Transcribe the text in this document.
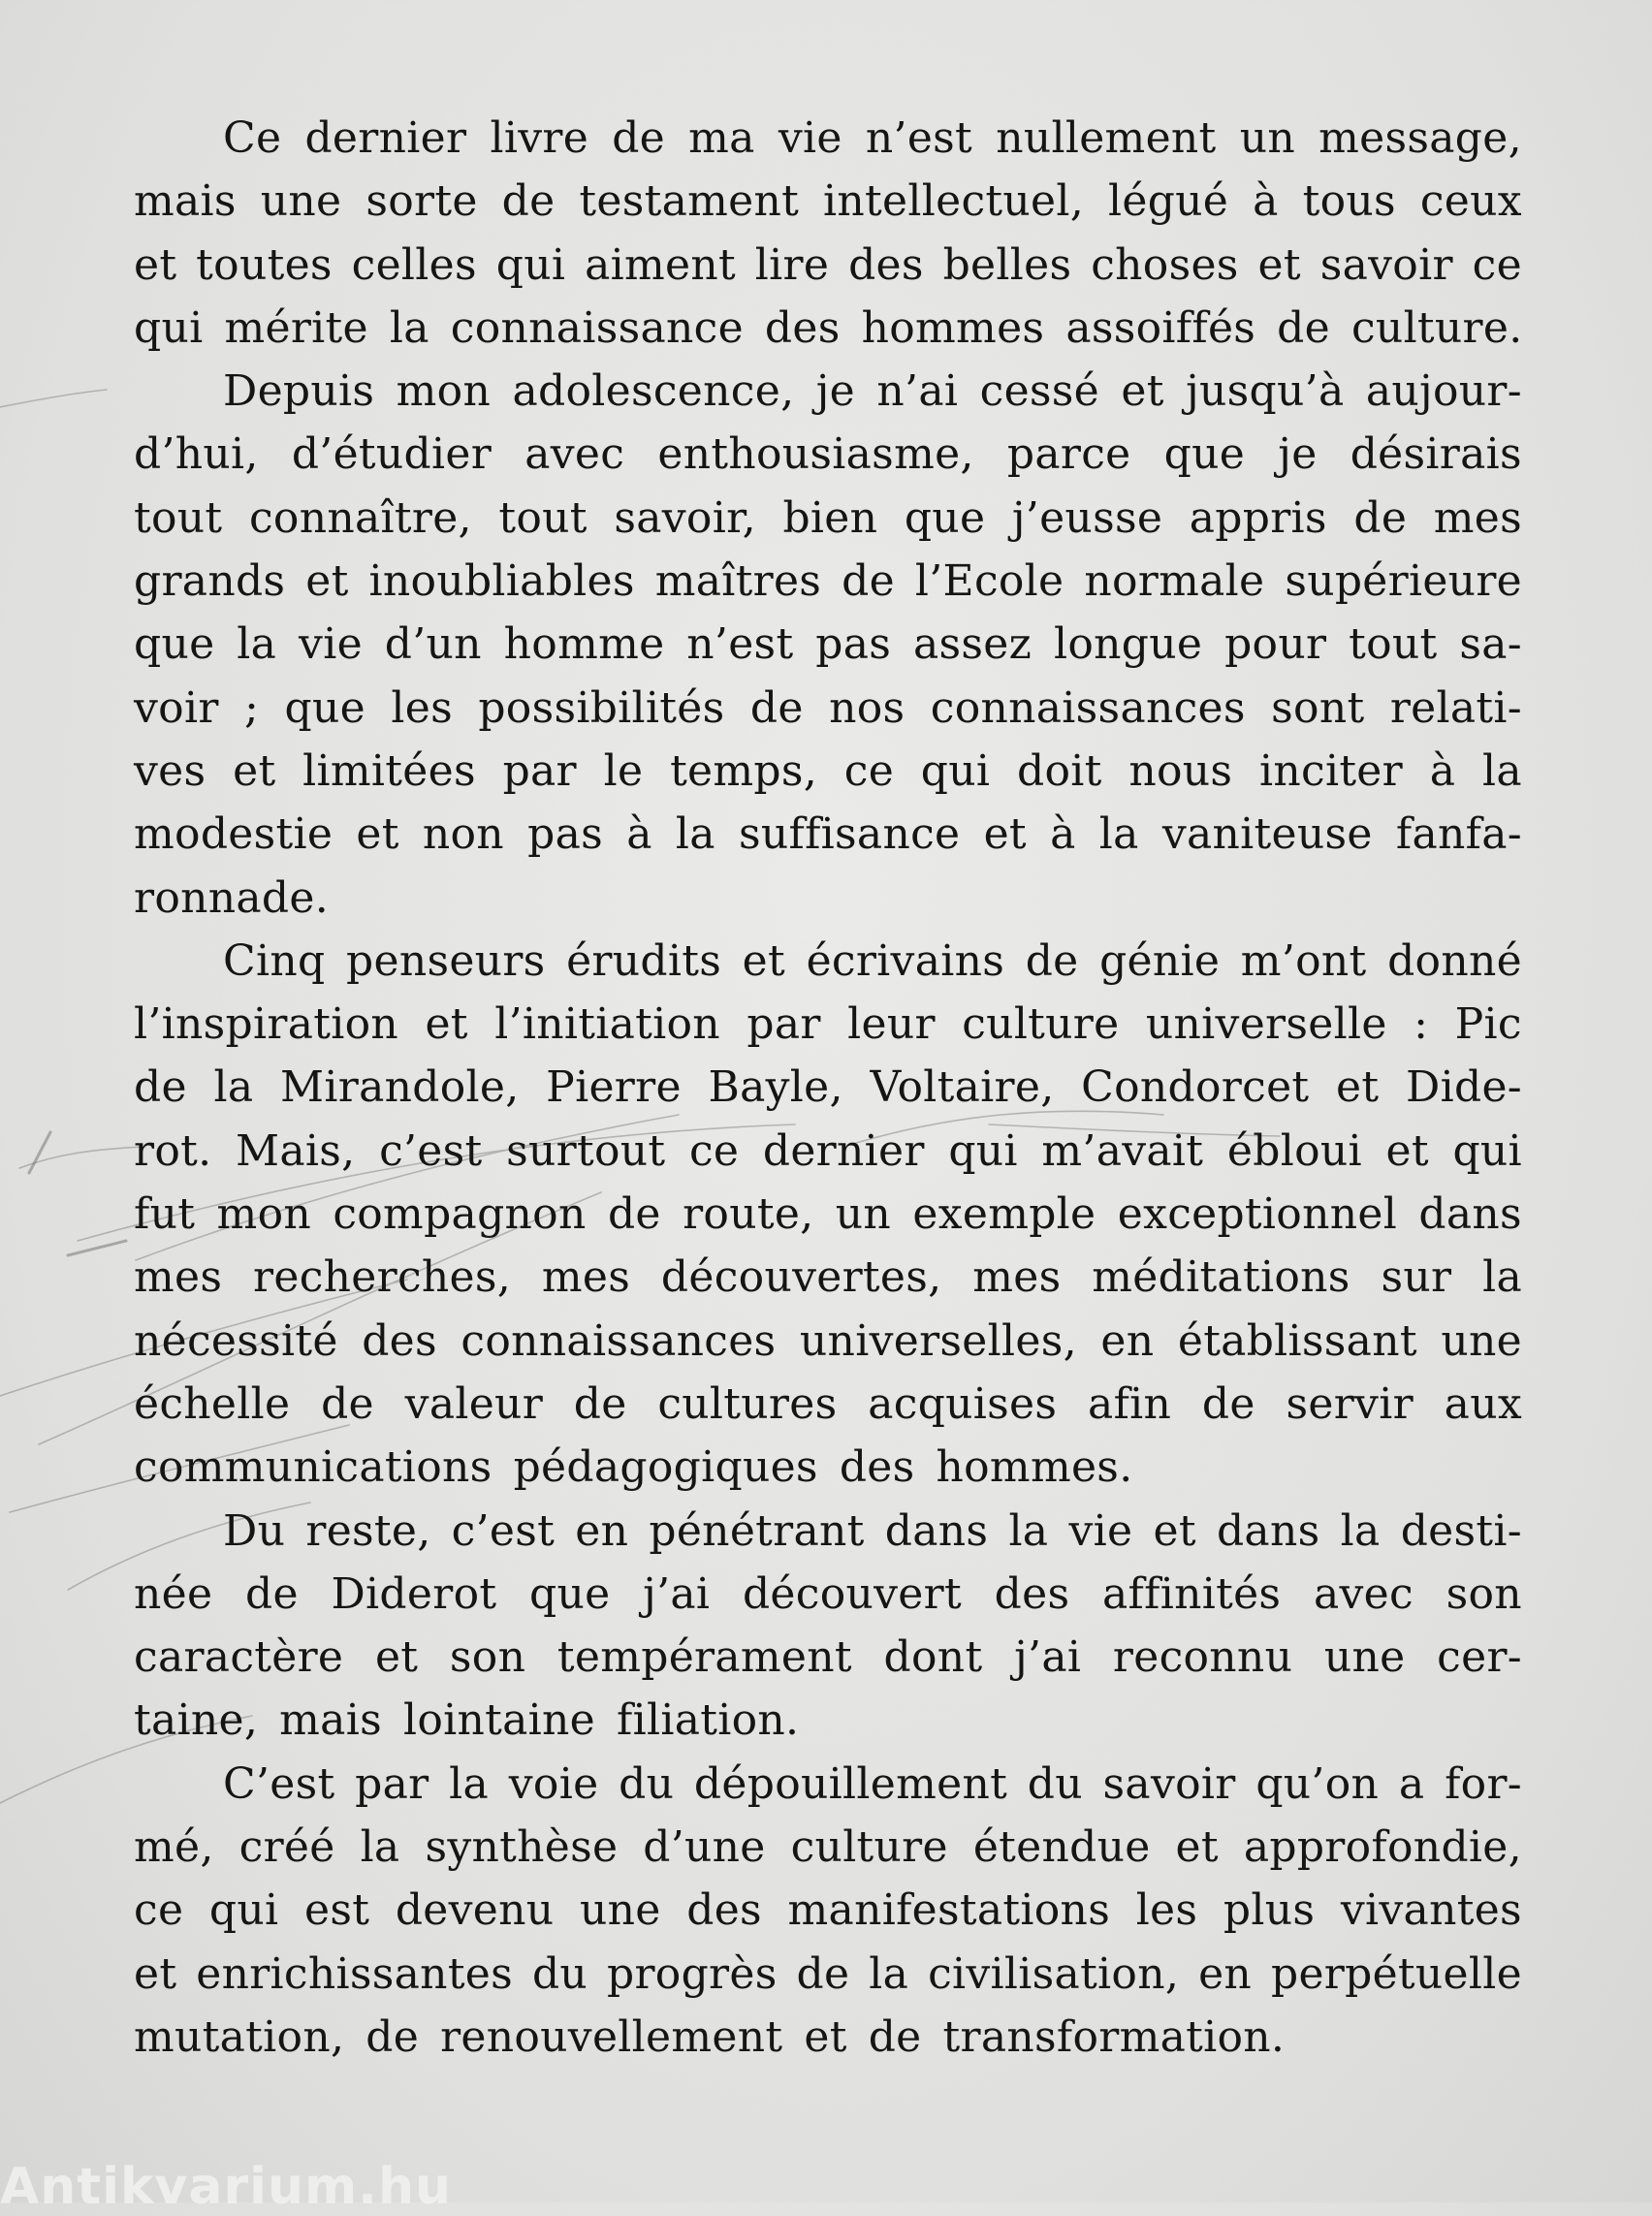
Ce dernier livre de ma vie n’est nullement un message,
mais une sorte de testament intellectuel, légué à tous ceux
et toutes celles qui aiment lire des belles choses et savoir ce
qui mérite la connaissance des hommes assoiffés de culture.
Depuis mon adolescence, je n’ai cessé et jusqu’à aujour-
d’hui, d’étudier avec enthousiasme, parce que je désirais
tout connaître, tout savoir, bien que j’eusse appris de mes
grands et inoubliables maîtres de l’Ecole normale supérieure
que la vie d’un homme n’est pas assez longue pour tout sa-
voir ; que les possibilités de nos connaissances sont relati-
ves et limitées par le temps, ce qui doit nous inciter à la
modestie et non pas à la suffisance et à la vaniteuse fanfa-
ronnade.
Cinq penseurs érudits et écrivains de génie m’ont donné
l’inspiration et l’initiation par leur culture universelle : Pic
de la Mirandole, Pierre Bayle, Voltaire, Condorcet et Dide-
rot. Mais, c’est surtout ce dernier qui m’avait ébloui et qui
fut mon compagnon de route, un exemple exceptionnel dans
mes recherches, mes découvertes, mes méditations sur la
nécessité des connaissances universelles, en établissant une
échelle de valeur de cultures acquises afin de servir aux
communications pédagogiques des hommes.
Du reste, c’est en pénétrant dans la vie et dans la desti-
née de Diderot que j’ai découvert des affinités avec son
caractère et son tempérament dont j’ai reconnu une cer-
taine, mais lointaine filiation.
C’est par la voie du dépouillement du savoir qu’on a for-
mé, créé la synthèse d’une culture étendue et approfondie,
ce qui est devenu une des manifestations les plus vivantes
et enrichissantes du progrès de la civilisation, en perpétuelle
mutation, de renouvellement et de transformation.
Antikvarium.hu
